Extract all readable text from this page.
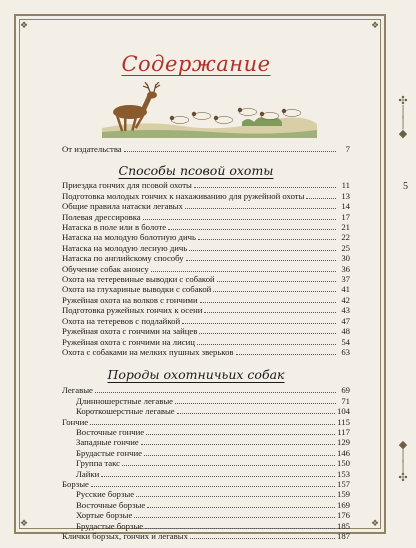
✣
│
│
◆
5
◆
│
│
✣
❖	❖
❖	❖
Содержание
От издательства	7
Способы псовой охоты
Приездка гончих для псовой охоты	11
Подготовка молодых гончих к нахаживанию для ружейной охоты	13
Общие правила натаски легавых	14
Полевая дрессировка	17
Натаска в поле или в болоте	21
Натаска на молодую болотную дичь	22
Натаска на молодую лесную дичь	25
Натаска по английскому способу	30
Обучение собак анонсу	36
Охота на тетеревиные выводки с собакой	37
Охота на глухариные выводки с собакой	41
Ружейная охота на волков с гончими	42
Подготовка ружейных гончих к осени	43
Охота на тетеревов с подлайкой	47
Ружейная охота с гончими на зайцев	48
Ружейная охота с гончими на лисиц	54
Охота с собаками на мелких пушных зверьков	63
Породы охотничьих собак
Легавые	69
Длинношерстные легавые	71
Короткошерстные легавые	104
Гончие	115
Восточные гончие	117
Западные гончие	129
Брудастые гончие	146
Группа такс	150
Лайки	153
Борзые	157
Русские борзые	159
Восточные борзые	169
Хортые борзые	176
Брудастые борзые	185
Клички борзых, гончих и легавых	187
